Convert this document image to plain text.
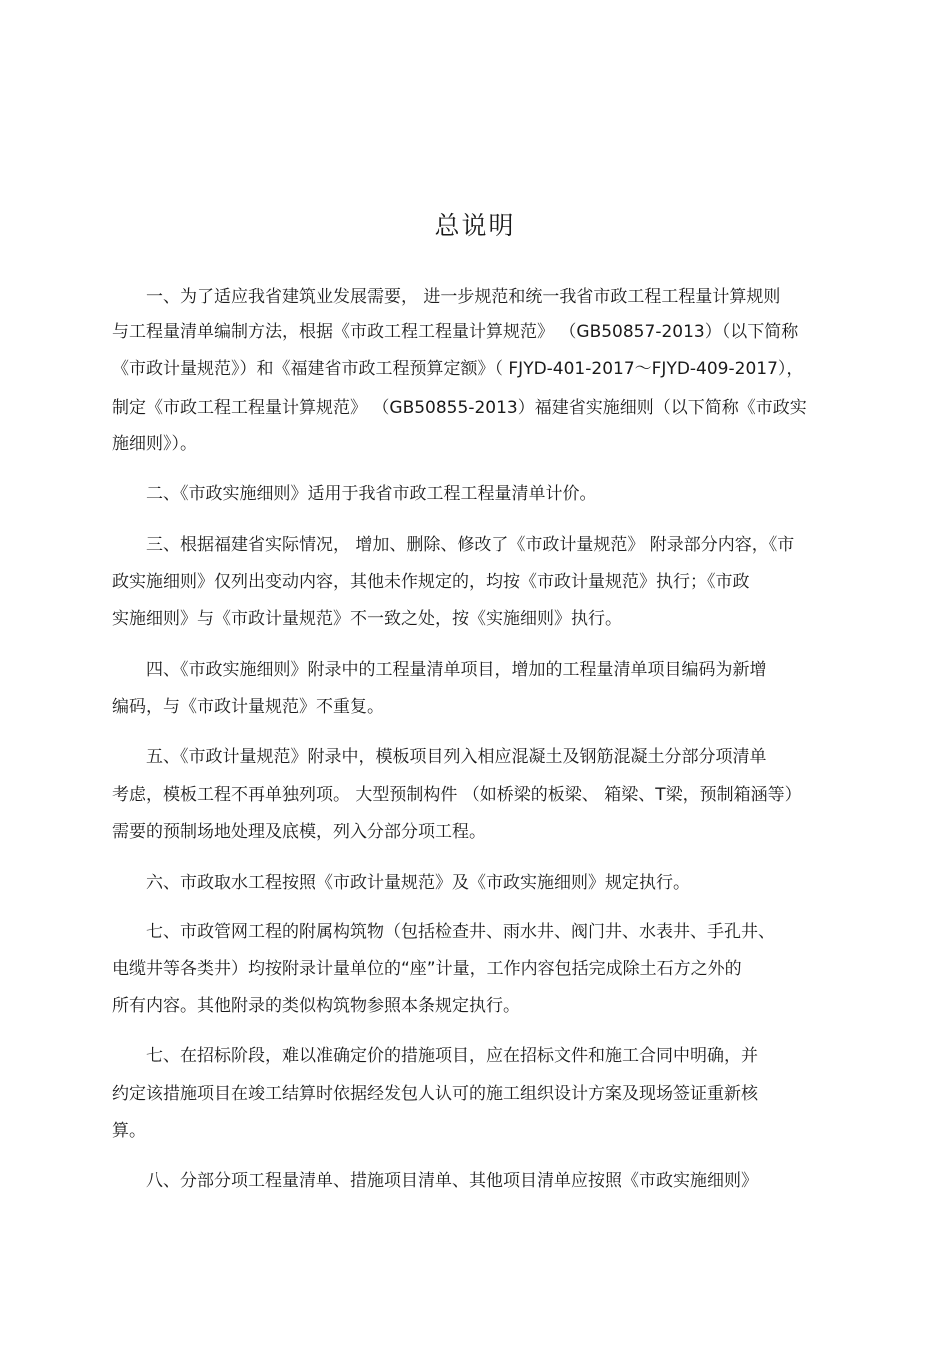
总说明
一、为了适应我省建筑业发展需要， 进一步规范和统一我省市政工程工程量计算规则
与工程量清单编制方法，根据《市政工程工程量计算规范》 （GB50857-2013）（以下简称
《市政计量规范》）和《福建省市政工程预算定额》（ FJYD-401-2017～FJYD-409-2017），
制定《市政工程工程量计算规范》 （GB50855-2013）福建省实施细则（以下简称《市政实
施细则》）。
二、《市政实施细则》适用于我省市政工程工程量清单计价。
三、根据福建省实际情况， 增加、删除、修改了《市政计量规范》 附录部分内容，《市
政实施细则》仅列出变动内容，其他未作规定的，均按《市政计量规范》执行；《市政
实施细则》与《市政计量规范》不一致之处，按《实施细则》执行。
四、《市政实施细则》附录中的工程量清单项目，增加的工程量清单项目编码为新增
编码，与《市政计量规范》不重复。
五、《市政计量规范》附录中，模板项目列入相应混凝土及钢筋混凝土分部分项清单
考虑，模板工程不再单独列项。 大型预制构件 （如桥梁的板梁、 箱梁、T梁，预制箱涵等）
需要的预制场地处理及底模，列入分部分项工程。
六、市政取水工程按照《市政计量规范》及《市政实施细则》规定执行。
七、市政管网工程的附属构筑物（包括检查井、雨水井、阀门井、水表井、手孔井、
电缆井等各类井）均按附录计量单位的“座”计量，工作内容包括完成除土石方之外的
所有内容。其他附录的类似构筑物参照本条规定执行。
七、在招标阶段，难以准确定价的措施项目，应在招标文件和施工合同中明确，并
约定该措施项目在竣工结算时依据经发包人认可的施工组织设计方案及现场签证重新核
算。
八、分部分项工程量清单、措施项目清单、其他项目清单应按照《市政实施细则》
